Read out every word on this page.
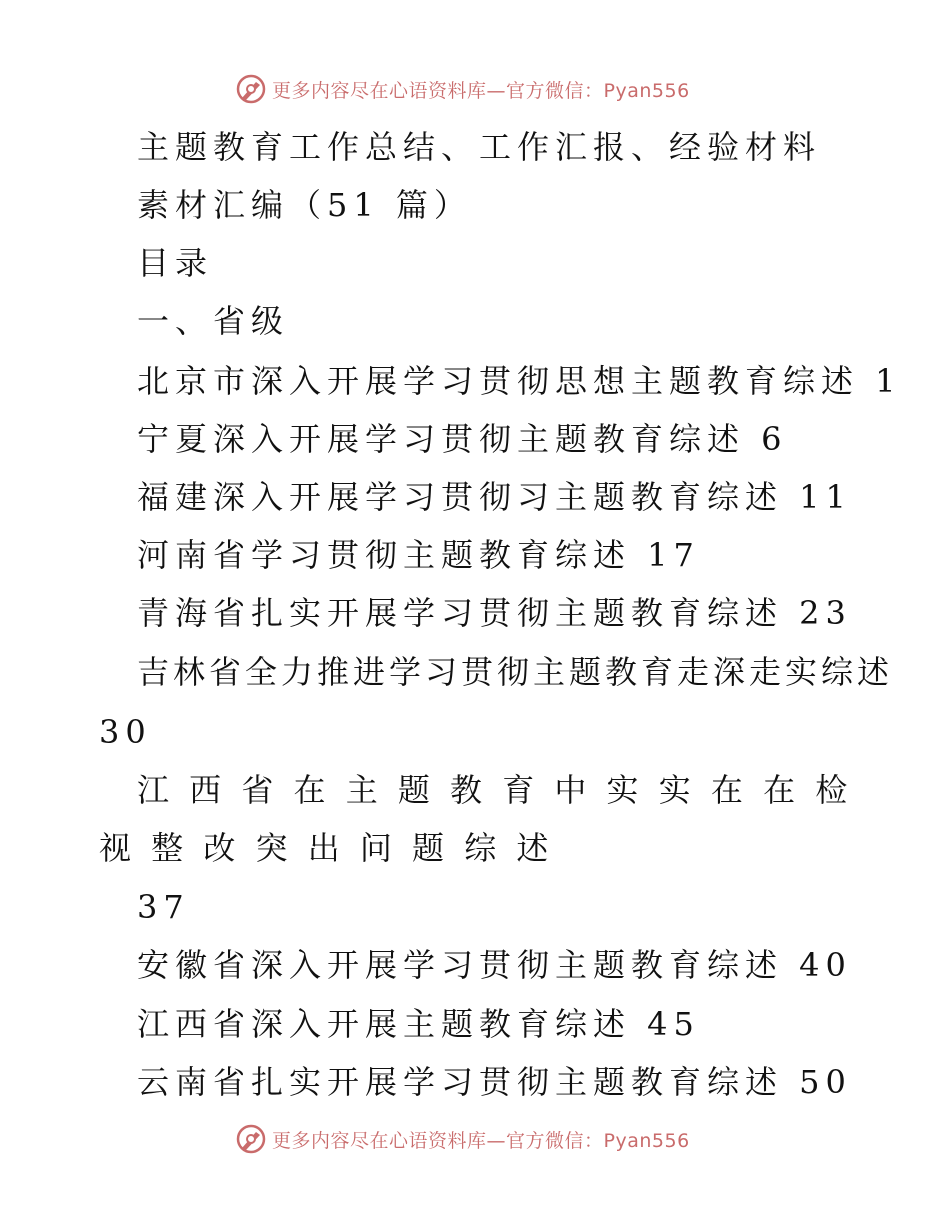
更多内容尽在心语资料库—官方微信：Pyan556
主题教育工作总结、工作汇报、经验材料
素材汇编（51 篇）
目录
一、省级
北京市深入开展学习贯彻思想主题教育综述 1
宁夏深入开展学习贯彻主题教育综述 6
福建深入开展学习贯彻习主题教育综述 11
河南省学习贯彻主题教育综述 17
青海省扎实开展学习贯彻主题教育综述 23
吉林省全力推进学习贯彻主题教育走深走实综述
30
江 西 省 在 主 题 教 育 中 实 实 在 在 检
视 整 改 突 出 问 题 综 述
37
安徽省深入开展学习贯彻主题教育综述 40
江西省深入开展主题教育综述 45
云南省扎实开展学习贯彻主题教育综述 50
更多内容尽在心语资料库—官方微信：Pyan556
